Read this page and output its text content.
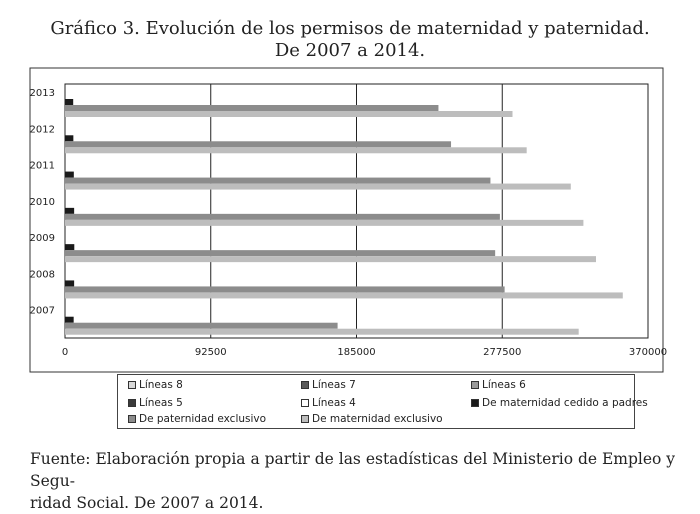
Gráfico 3. Evolución de los permisos de maternidad y paternidad.
De 2007 a 2014.
0	92500	185000	277500	370000
2007
2008
2009
2010
2011
2012
2013
Líneas 8	Líneas 7	Líneas 6
Líneas 5	Líneas 4	De maternidad cedido a padres
De paternidad exclusivo	De maternidad exclusivo
Fuente: Elaboración propia a partir de las estadísticas del Ministerio de Empleo y Segu-
ridad Social. De 2007 a 2014.
